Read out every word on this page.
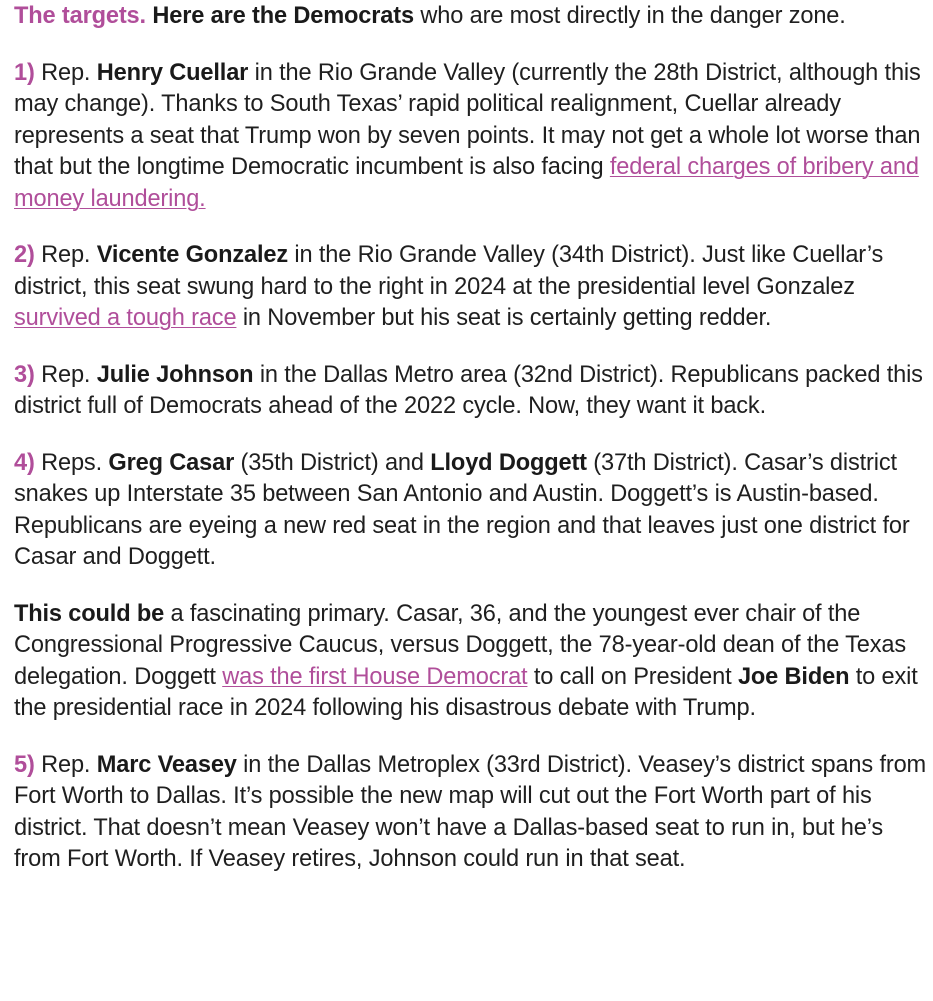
The targets. Here are the Democrats who are most directly in the danger zone.

1) Rep. Henry Cuellar in the Rio Grande Valley (currently the 28th District, although this may change). Thanks to South Texas’ rapid political realignment, Cuellar already represents a seat that Trump won by seven points. It may not get a whole lot worse than that but the longtime Democratic incumbent is also facing federal charges of bribery and money laundering.

2) Rep. Vicente Gonzalez in the Rio Grande Valley (34th District). Just like Cuellar’s district, this seat swung hard to the right in 2024 at the presidential level Gonzalez survived a tough race in November but his seat is certainly getting redder.

3) Rep. Julie Johnson in the Dallas Metro area (32nd District). Republicans packed this district full of Democrats ahead of the 2022 cycle. Now, they want it back.

4) Reps. Greg Casar (35th District) and Lloyd Doggett (37th District). Casar’s district snakes up Interstate 35 between San Antonio and Austin. Doggett’s is Austin-based. Republicans are eyeing a new red seat in the region and that leaves just one district for Casar and Doggett.

This could be a fascinating primary. Casar, 36, and the youngest ever chair of the Congressional Progressive Caucus, versus Doggett, the 78-year-old dean of the Texas delegation. Doggett was the first House Democrat to call on President Joe Biden to exit the presidential race in 2024 following his disastrous debate with Trump.

5) Rep. Marc Veasey in the Dallas Metroplex (33rd District). Veasey’s district spans from Fort Worth to Dallas. It’s possible the new map will cut out the Fort Worth part of his district. That doesn’t mean Veasey won’t have a Dallas-based seat to run in, but he’s from Fort Worth. If Veasey retires, Johnson could run in that seat.
